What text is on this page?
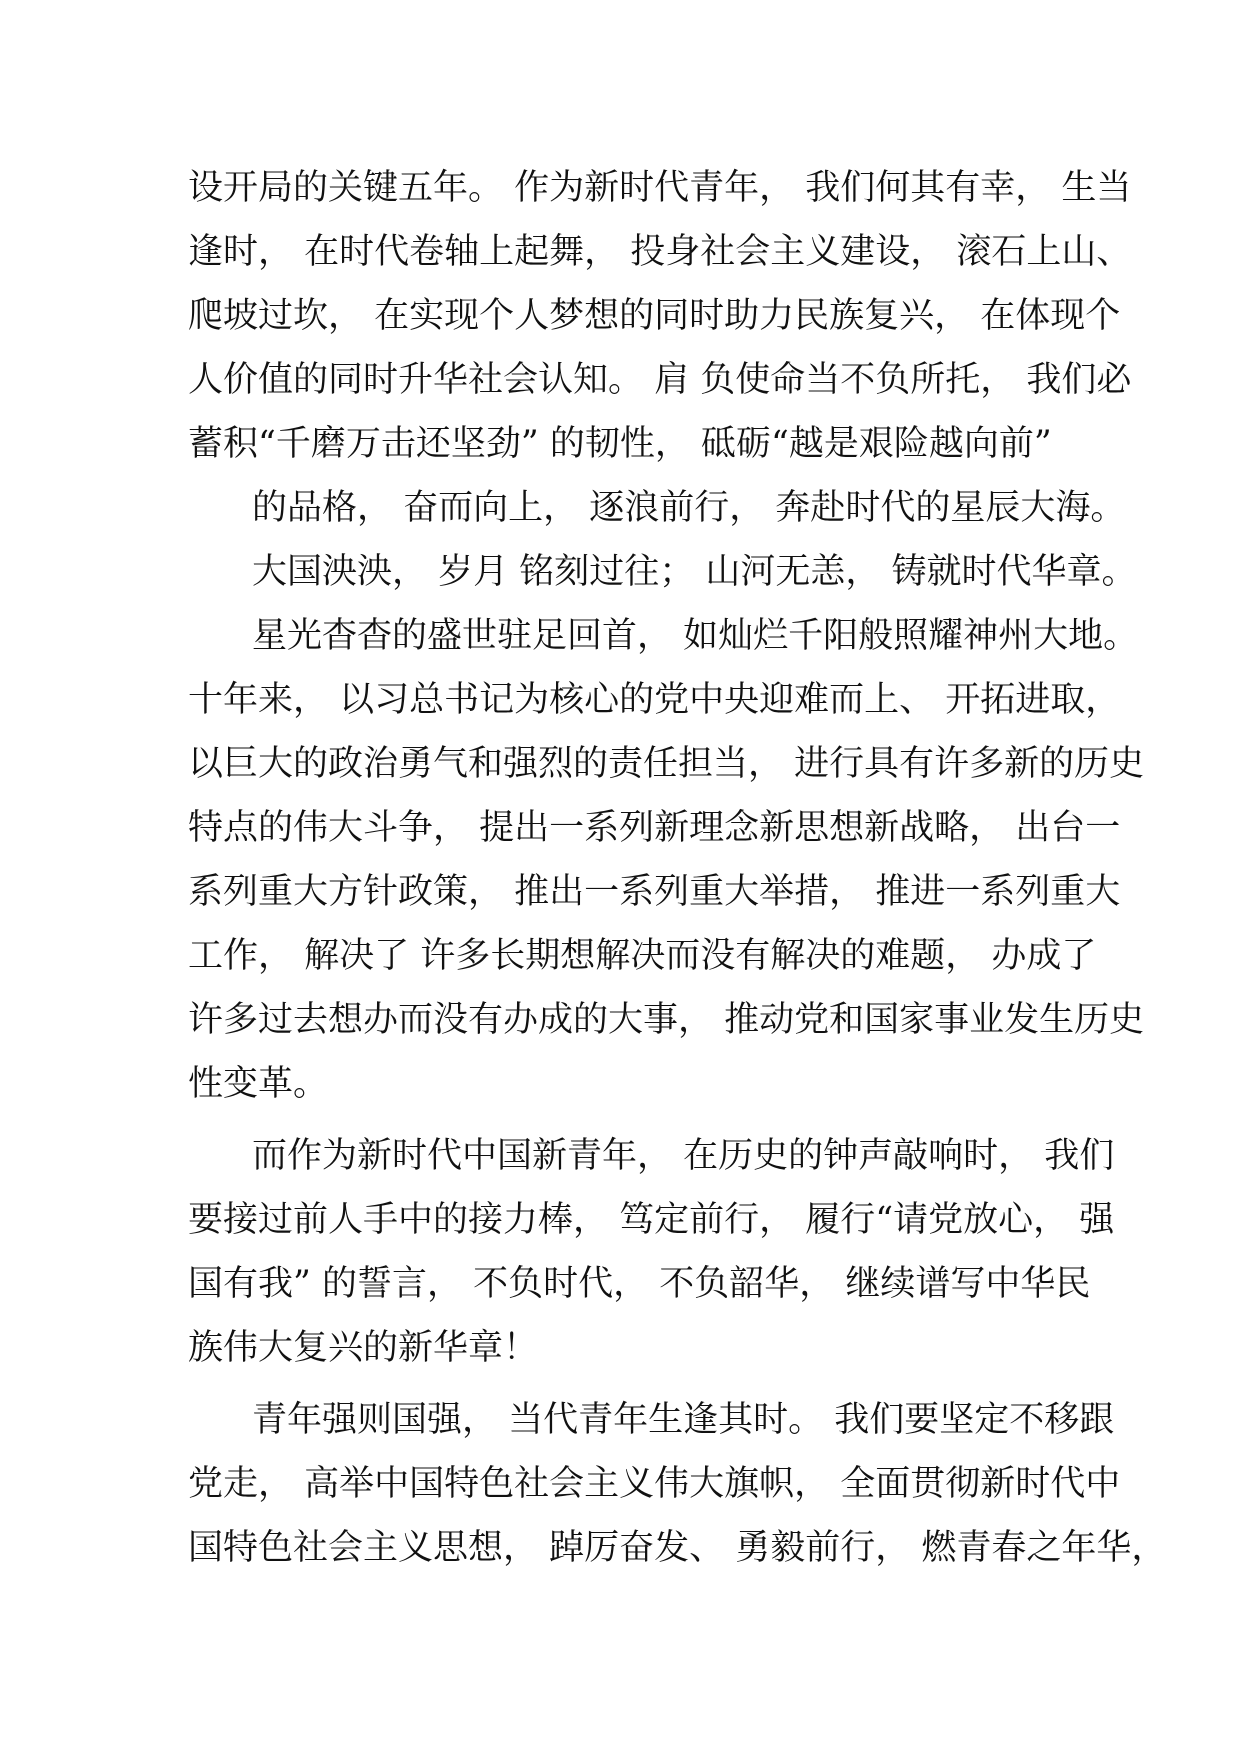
设开局的关键五年。 作为新时代青年， 我们何其有幸， 生当
逢时， 在时代卷轴上起舞， 投身社会主义建设， 滚石上山、
爬坡过坎， 在实现个人梦想的同时助力民族复兴， 在体现个
人价值的同时升华社会认知。 肩 负使命当不负所托， 我们必
蓄积“千磨万击还坚劲” 的韧性， 砥砺“越是艰险越向前”
的品格， 奋而向上， 逐浪前行， 奔赴时代的星辰大海。
大国泱泱， 岁月 铭刻过往； 山河无恙， 铸就时代华章。
星光杳杳的盛世驻足回首， 如灿烂千阳般照耀神州大地。
十年来， 以习总书记为核心的党中央迎难而上、 开拓进取，
以巨大的政治勇气和强烈的责任担当， 进行具有许多新的历史
特点的伟大斗争， 提出一系列新理念新思想新战略， 出台一
系列重大方针政策， 推出一系列重大举措， 推进一系列重大
工作， 解决了 许多长期想解决而没有解决的难题， 办成了
许多过去想办而没有办成的大事， 推动党和国家事业发生历史
性变革。
而作为新时代中国新青年， 在历史的钟声敲响时， 我们
要接过前人手中的接力棒， 笃定前行， 履行“请党放心， 强
国有我” 的誓言， 不负时代， 不负韶华， 继续谱写中华民
族伟大复兴的新华章！
青年强则国强， 当代青年生逢其时。 我们要坚定不移跟
党走， 高举中国特色社会主义伟大旗帜， 全面贯彻新时代中
国特色社会主义思想， 踔厉奋发、 勇毅前行， 燃青春之年华，
